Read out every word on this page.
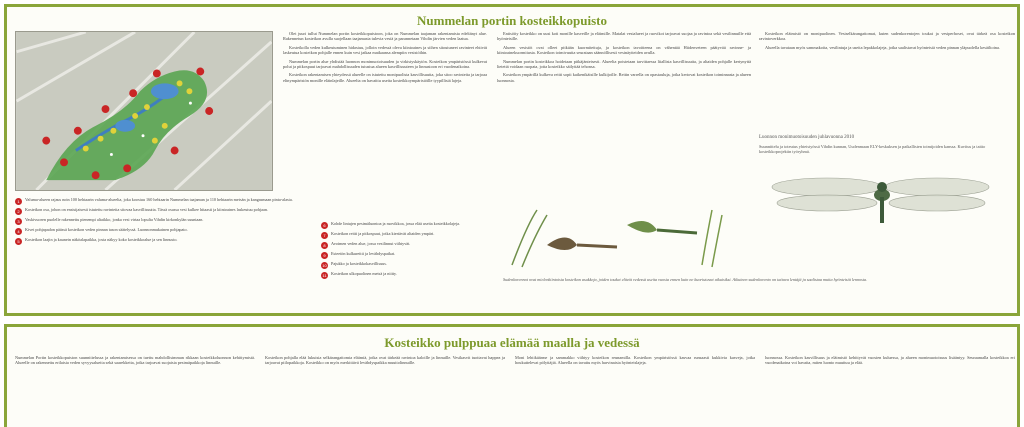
Nummelan portin kosteikkopuisto
1	Valuma-alueen rajaus noin 100 hehtaarin valuma-alueelta, joka koostuu 160 hehtaarin Nummelan taajaman ja 110 hehtaarin metsän ja kangasmaan pinta-alasta.
2	Kosteikon osa, johon on ensisijaisesti istutettu ravinteita sitovaa kasvillisuutta. Tässä osassa vesi kulkee hitaasti ja kiintoaines laskeutuu pohjaan.
3	Vaskivuoren puolelle rakennettu pienempi altaikko, jonka vesi virtaa lopulta Vihdin kirkonkylän suuntaan.
4	Kivet pohjapadon päässä kosteikon veden pinnan tason säätelyssä. Luonnonmukainen pohjapato.
5	Kosteikon laajin ja kaunein näköalapaikka, josta näkyy koko kosteikkoalue ja sen linnusto.
6	Kohde lintujen pesimäluontoa ja ruovikkoa, jossa elää useita kosteikkolajeja.
7	Kosteikon reitti ja pitkospuut, jotka kiertävät altaiden ympäri.
8	Avoimen veden alue, jossa vesilinnut viihtyvät.
9	Esteetön kulkureitti ja levähdyspaikat.
10	Pajukko ja kosteikkokasvillisuus.
11	Kosteikon ulkopuolinen metsä ja niitty.

Olet juuri tullut Nummelan portin kosteikkopuistoon, joka on Nummelan taajaman rakentamista edeltänyt alue. Rakennetun kosteikon avulla suojellaan taajamasta tulevia vesiä ja parannetaan Vihdin järvien veden laatua.

Kosteikolla veden kulkeutuminen hidastuu, jolloin vedessä oleva kiintoaines ja siihen sitoutuneet ravinteet ehtivät laskeutua kosteikon pohjalle ennen kuin vesi jatkaa matkaansa alempiin vesistöihin.

Nummelan portin alue yhdistää luonnon monimuotoisuuden ja virkistyskäytön. Kosteikon ympäristössä kulkevat polut ja pitkospuut tarjoavat mahdollisuuden tutustua alueen kasvillisuuteen ja linnustoon eri vuodenaikoina.

Kosteikon rakentamisen yhteydessä alueelle on istutettu monipuolista kasvillisuutta, joka sitoo ravinteita ja tarjoaa elinympäristön monille eläinlajeille. Alueelta on havaittu useita kosteikkoympäristöille tyypillisiä lajeja.

Entisöity kosteikko on uusi koti monille kasveille ja eläimille. Matalat vesialueet ja ruovikot tarjoavat suojaa ja ravintoa sekä vesilinnuille että hyönteisille.

Alueen vesistöt ovat olleet pitkään kuormitettuja, ja kosteikon tavoitteena on vähentää Hiidenveteen päätyvää ravinne- ja kiintoainekuormitusta. Kosteikon toimivuutta seurataan säännöllisesti vesinäytteiden avulla.

Nummelan portin kosteikkoa hoidetaan pitkäjänteisesti. Alueelta poistetaan tarvittaessa liiallista kasvillisuutta, ja altaiden pohjalle kertynyttä lietettä voidaan ruopata, jotta kosteikko säilyttää tehonsa.

Kosteikon ympärillä kulkeva reitti sopii kaikenikäisille kulkijoille. Reitin varrella on opastauluja, jotka kertovat kosteikon toiminnasta ja alueen luonnosta.

Kosteikon eläimistö on monipuolinen. Vesiselkärangattomat, kuten sudenkorentojen toukat ja vesiperhoset, ovat tärkeä osa kosteikon ravintoverkkoa.

Alueella tavataan myös sammakoita, vesilintuja ja useita lepakkolajeja, jotka saalistavat hyönteisiä veden pinnan yläpuolella kesäiltoina.

Luonnon monimuotoisuuden juhlavuonna 2010
Suunnittelu ja toteutus yhteistyössä Vihdin kunnan, Uudenmaan ELY-keskuksen ja paikallisten toimijoiden kanssa. Kuvitus ja taitto kosteikkoprojektin työryhmä.
Sudenkorennot ovat mielenkiintoisia kosteikon asukkeja, joiden toukat elävät vedessä useita vuosia ennen kuin ne kuoriutuvat aikuisiksi. Aikuinen sudenkorento on taitava lentäjä ja saalistaa muita hyönteisiä lennosta.
Kosteikko pulppuaa elämää maalla ja vedessä
Nummelan Portin kosteikkopuiston suunnittelussa ja rakentamisessa on tuettu mahdollisimman rikkaan kosteikkoluonnon kehittymistä. Alueelle on rakennettu erilaisia veden syvyysalueita sekä saarekkeita, jotka tarjoavat suojaisia pesimäpaikkoja linnuille.
Kosteikon pohjalla elää lukuisia selkärangattomia eläimiä, jotka ovat tärkeää ravintoa kaloille ja linnuille. Vesikasvit tuottavat happea ja tarjoavat piilopaikkoja. Kosteikko on myös merkittävä levähdyspaikka muuttolinnuille.
Moni lehtikäärme ja sammakko viihtyy kosteikon reunamilla. Kosteikon ympäristössä kasvaa runsaasti kukkivia kasveja, jotka houkuttelevat pölyttäjiä. Alueella on tavattu myös harvinaisia hyönteislajeja.
luonnossa. Kosteikon kasvillisuus ja eläimistö kehittyvät vuosien kuluessa, ja alueen monimuotoisuus lisääntyy. Seuraamalla kosteikkoa eri vuodenaikoina voi havaita, miten luonto muuttuu ja elää.
